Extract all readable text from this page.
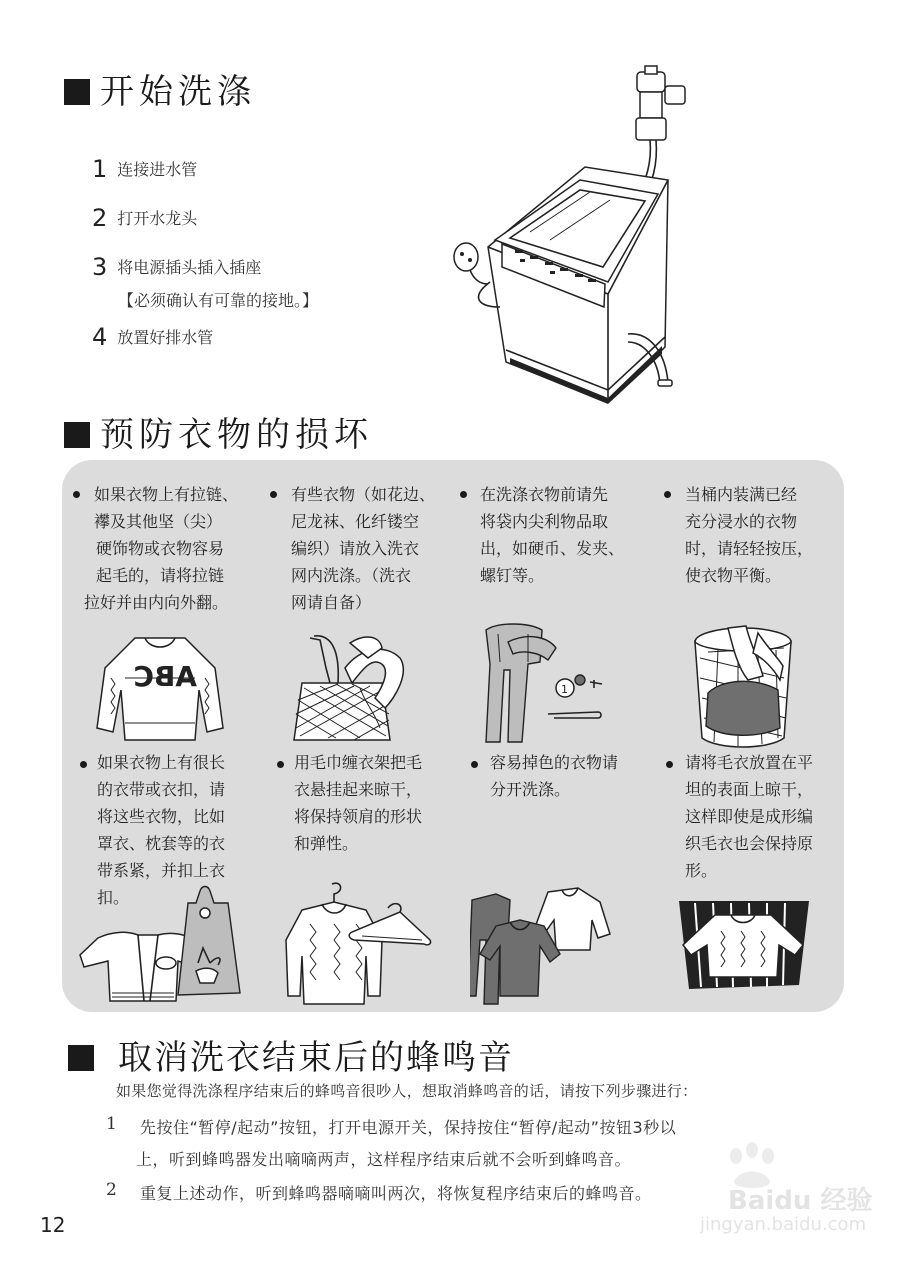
开始洗涤
1 连接进水管
2 打开水龙头
3 将电源插头插入插座
【必须确认有可靠的接地。】
4 放置好排水管
预防衣物的损坏
如果衣物上有拉链、
襻及其他坚（尖）
硬饰物或衣物容易
起毛的，请将拉链
拉好并由内向外翻。
有些衣物（如花边、
尼龙袜、化纤镂空
编织）请放入洗衣
网内洗涤。（洗衣
网请自备）
在洗涤衣物前请先
将袋内尖利物品取
出，如硬币、发夹、
螺钉等。
当桶内装满已经
充分浸水的衣物
时，请轻轻按压，
使衣物平衡。
ABC	1
如果衣物上有很长
的衣带或衣扣，请
将这些衣物，比如
罩衣、枕套等的衣
带系紧，并扣上衣
扣。
用毛巾缠衣架把毛
衣悬挂起来晾干，
将保持领肩的形状
和弹性。
容易掉色的衣物请
分开洗涤。
请将毛衣放置在平
坦的表面上晾干，
这样即使是成形编
织毛衣也会保持原
形。
取消洗衣结束后的蜂鸣音
如果您觉得洗涤程序结束后的蜂鸣音很吵人，想取消蜂鸣音的话，请按下列步骤进行：
1 先按住“暂停/起动”按钮，打开电源开关，保持按住“暂停/起动”按钮3秒以
上，听到蜂鸣器发出嘀嘀两声，这样程序结束后就不会听到蜂鸣音。
2 重复上述动作，听到蜂鸣器嘀嘀叫两次，将恢复程序结束后的蜂鸣音。
12
Baidu 经验
jingyan.baidu.com
